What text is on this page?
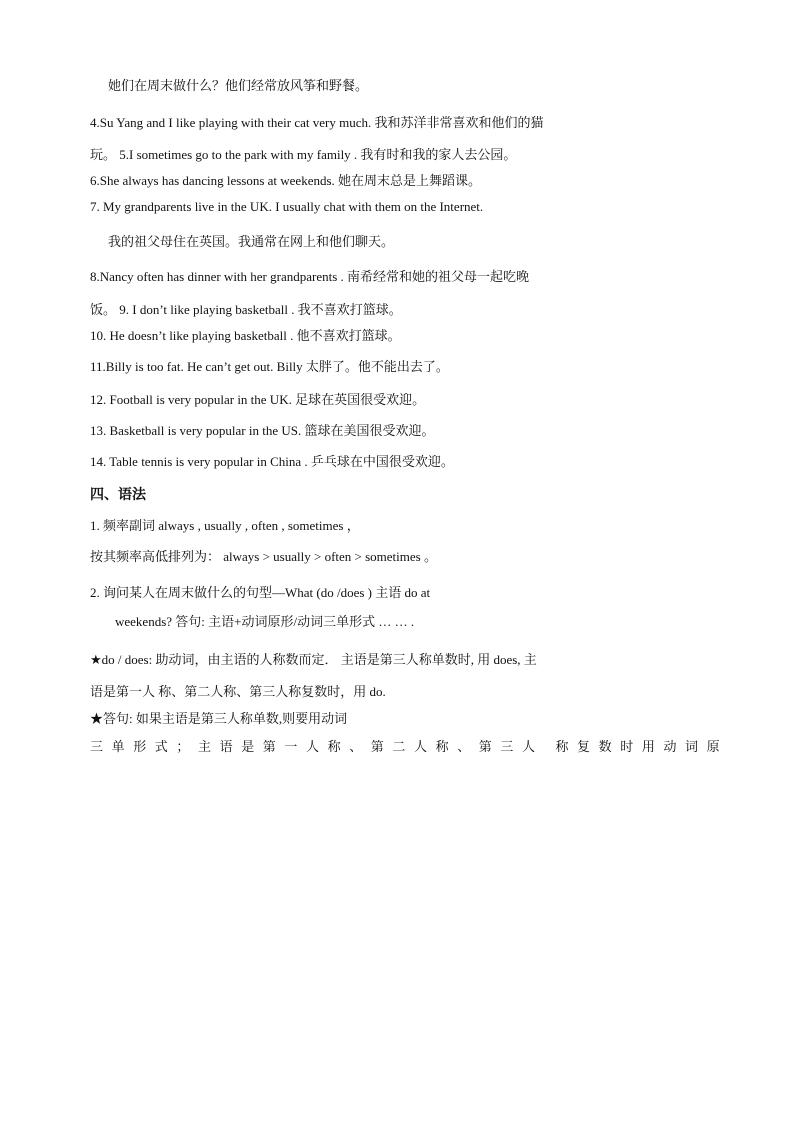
她们在周末做什么？他们经常放风筝和野餐。
4.Su Yang and I like playing with their cat very much. 我和苏洋非常喜欢和他们的猫
玩。 5.I sometimes go to the park with my family . 我有时和我的家人去公园。
6.She always has dancing lessons at weekends. 她在周末总是上舞蹈课。
7. My grandparents live in the UK. I usually chat with them on the Internet.
我的祖父母住在英国。我通常在网上和他们聊天。
8.Nancy often has dinner with her grandparents . 南希经常和她的祖父母一起吃晚
饭。 9. I don’t like playing basketball . 我不喜欢打篮球。
10. He doesn’t like playing basketball . 他不喜欢打篮球。
11.Billy is too fat. He can’t get out. Billy 太胖了。他不能出去了。
12. Football is very popular in the UK. 足球在英国很受欢迎。
13. Basketball is very popular in the US. 篮球在美国很受欢迎。
14. Table tennis is very popular in China . 乒乓球在中国很受欢迎。
四、语法
1. 频率副词 always , usually , often , sometimes ，
按其频率高低排列为： always > usually > often > sometimes 。
2. 询问某人在周末做什么的句型—What (do /does ) 主语 do at
weekends? 答句: 主语+动词原形/动词三单形式 … … .
★do / does: 助动词，由主语的人称数而定． 主语是第三人称单数时, 用 does, 主
语是第一人 称、第二人称、第三人称复数时，用 do.
★答句: 如果主语是第三人称单数,则要用动词
三单形式；主语是第一人称、第二人称、第三人 称复数时用动词原
